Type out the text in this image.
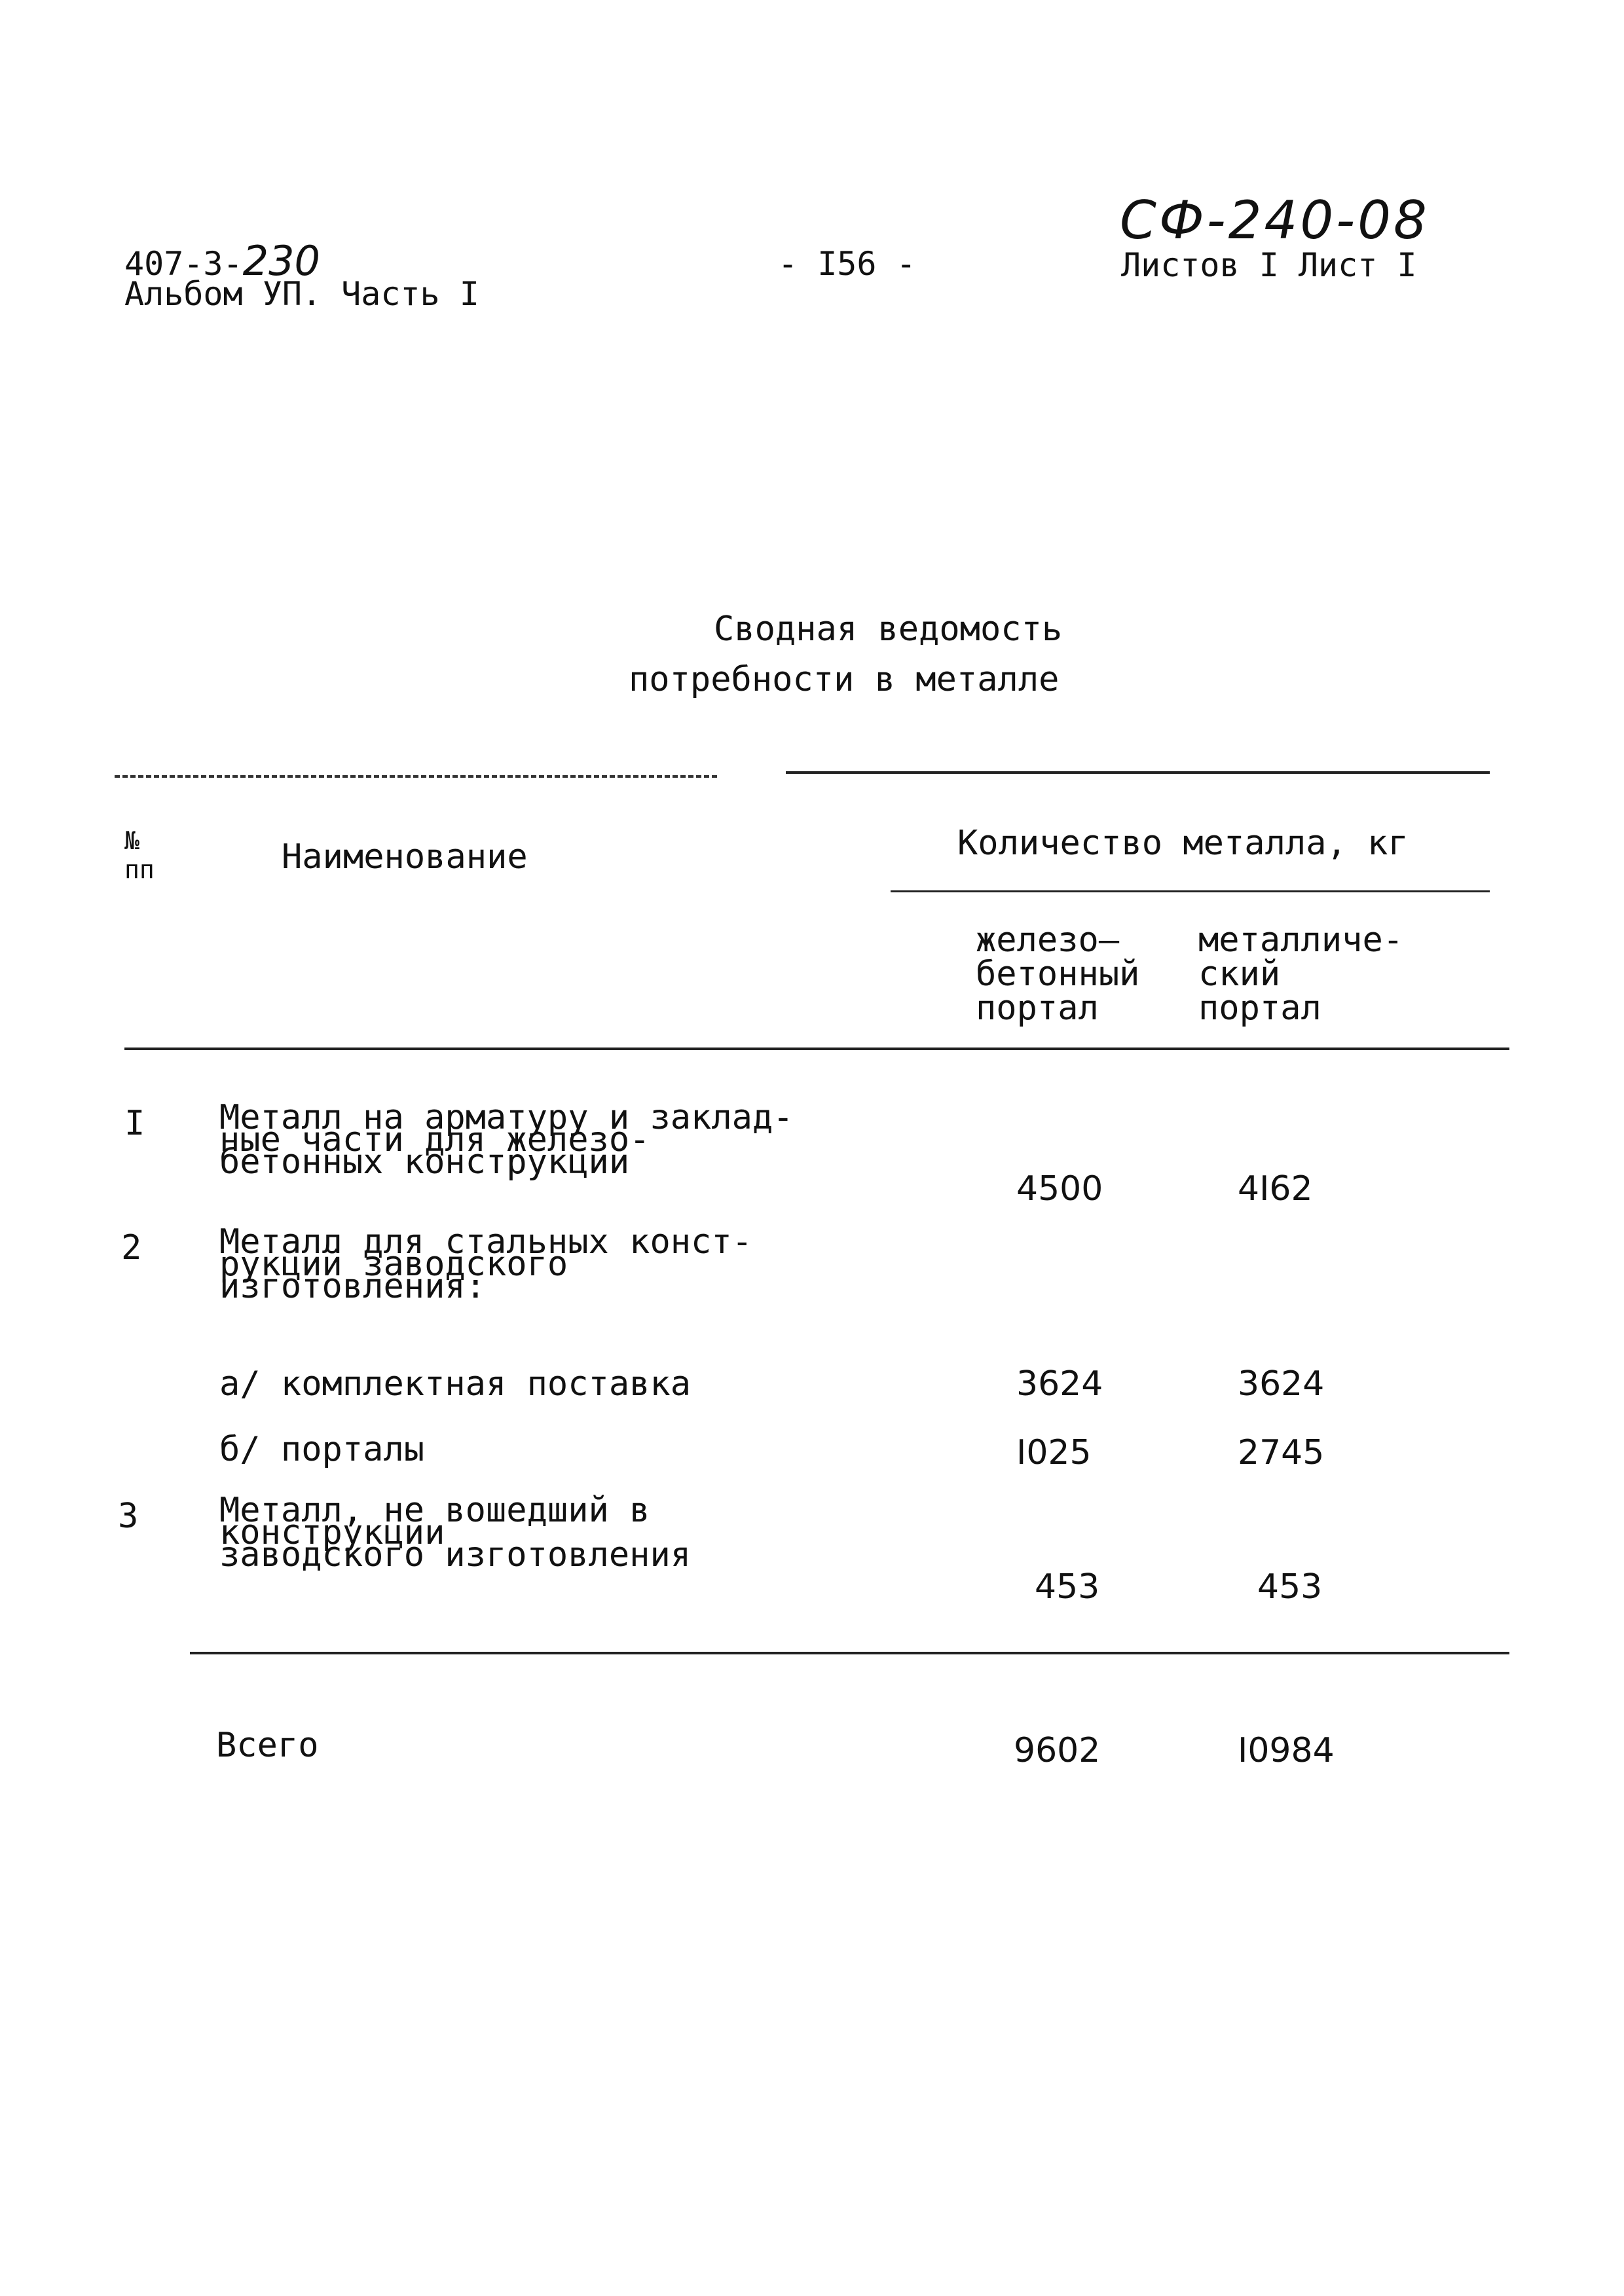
407-3-230
Альбом УП. Часть I
- I56 -
СФ-240-08
Листов I Лист I
Сводная ведомость
потребности в металле
№
пп	Наименование	Количество металла, кг
железо–
бетонный
портал
металличе-
ский
портал
I Металл на арматуру и заклад-
ные части для железо-
бетонных конструкций
4500	4I62
2 Металл для стальных конст-
рукций заводского
изготовления:
а/ комплектная поставка	3624	3624
б/ порталы	I025	2745
3 Металл, не вошедший в
конструкции
заводского изготовления
453	453
Всего	9602	I0984
